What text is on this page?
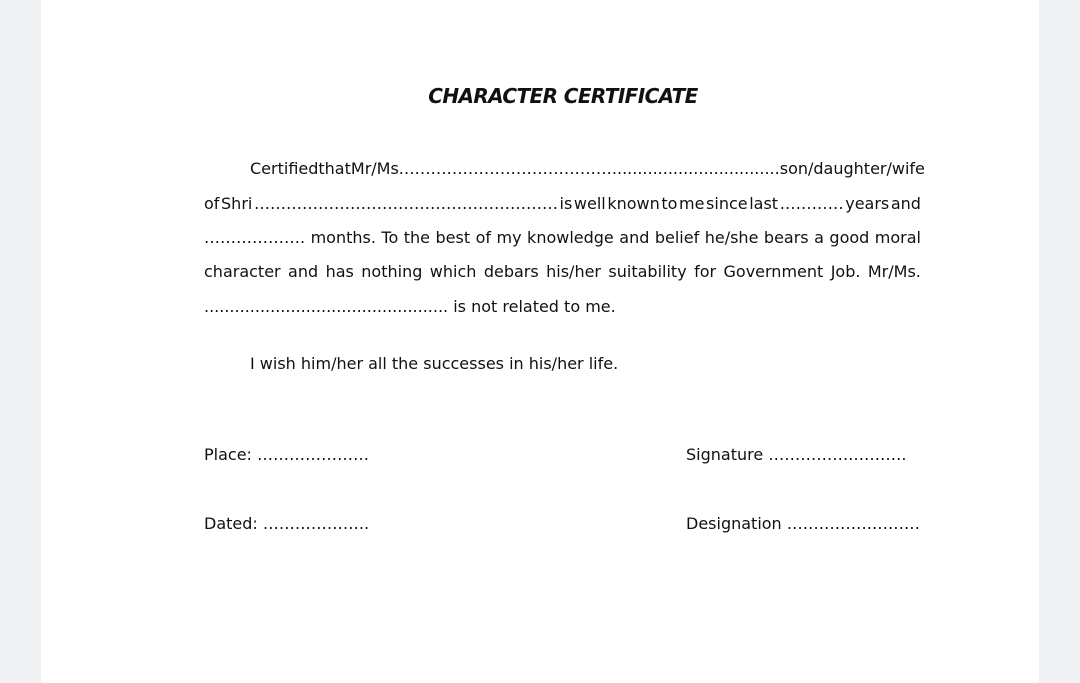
CHARACTER CERTIFICATE
Certified that Mr/Ms. …………………………………................................. son/daughter/wife
of Shri ………………………………………………… is well known to me since last ………… years and
………………. months. To the best of my knowledge and belief he/she bears a good moral
character and has nothing which debars his/her suitability for Government Job. Mr/Ms.
................................................ is not related to me.
I wish him/her all the successes in his/her life.
Place: …………………	Signature …………….……….
Dated: ………………..	Designation …………….………
